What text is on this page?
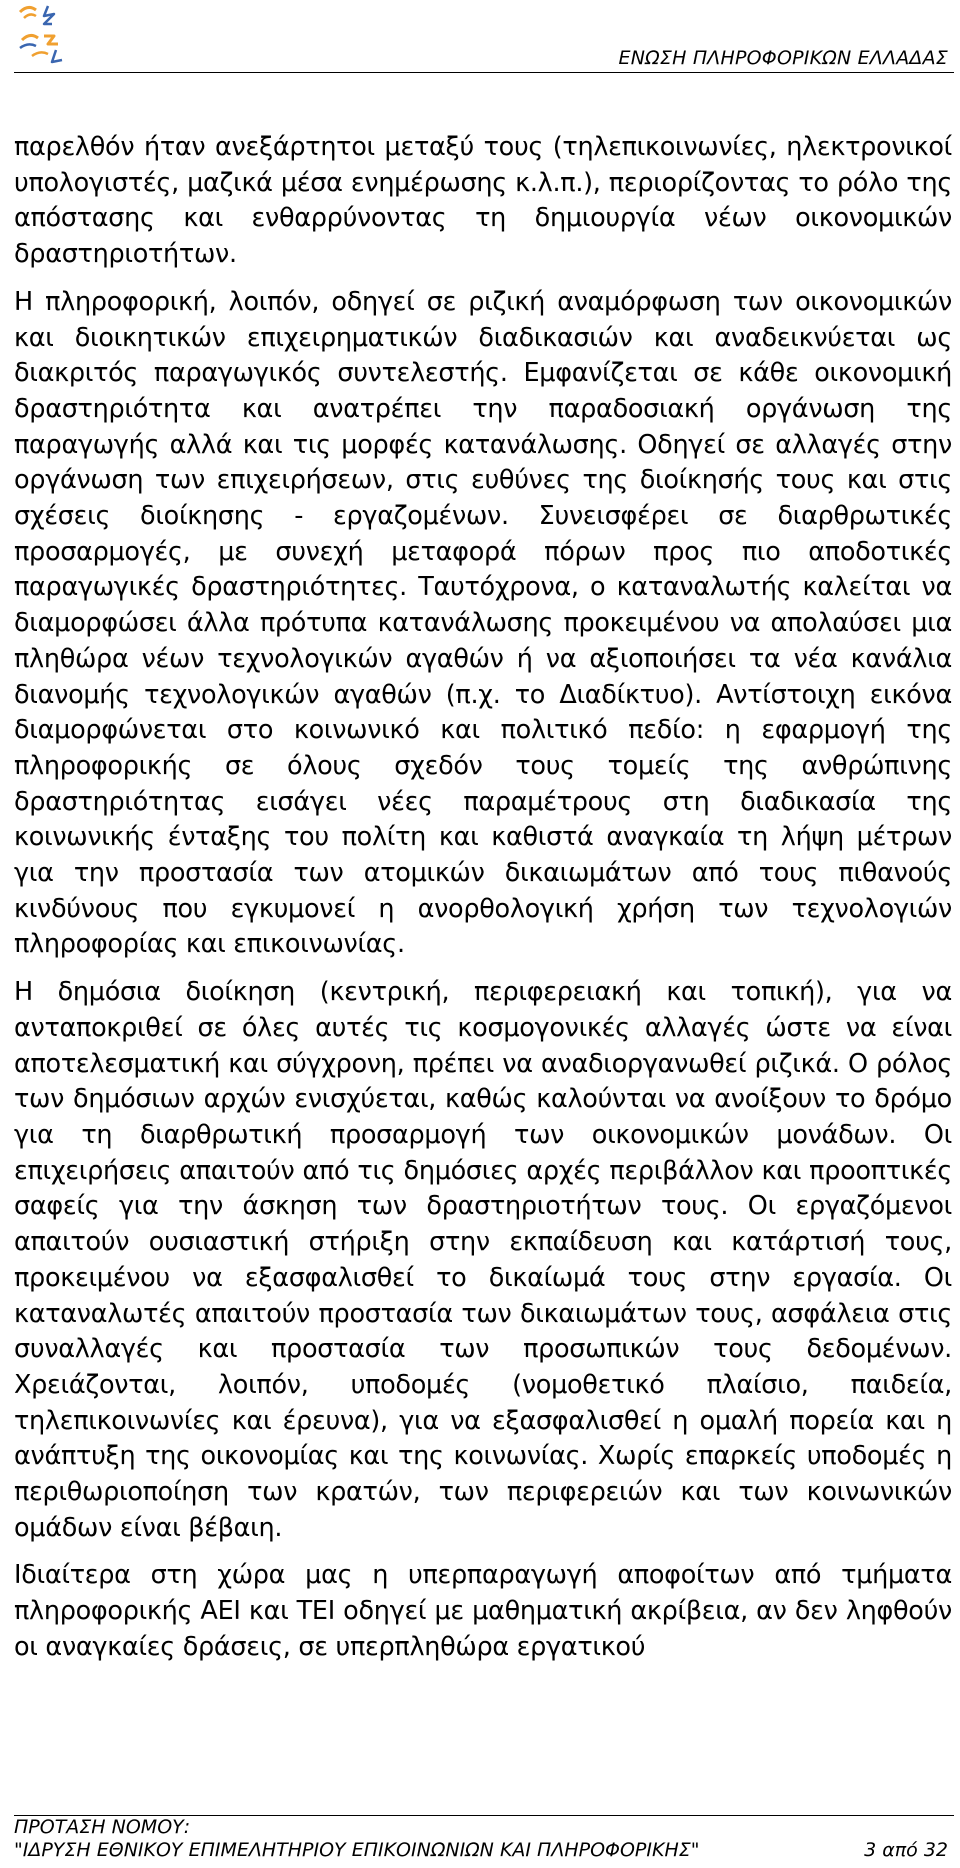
ΕΝΩΣΗ ΠΛΗΡΟΦΟΡΙΚΩΝ ΕΛΛΑΔΑΣ

παρελθόν ήταν ανεξάρτητοι μεταξύ τους (τηλεπικοινωνίες, ηλεκτρονικοί υπολογιστές, μαζικά μέσα ενημέρωσης κ.λ.π.), περιορίζοντας το ρόλο της απόστασης και ενθαρρύνοντας τη δημιουργία νέων οικονομικών δραστηριοτήτων.

Η πληροφορική, λοιπόν, οδηγεί σε ριζική αναμόρφωση των οικονομικών και διοικητικών επιχειρηματικών διαδικασιών και αναδεικνύεται ως διακριτός παραγωγικός συντελεστής. Εμφανίζεται σε κάθε οικονομική δραστηριότητα και ανατρέπει την παραδοσιακή οργάνωση της παραγωγής αλλά και τις μορφές κατανάλωσης. Οδηγεί σε αλλαγές στην οργάνωση των επιχειρήσεων, στις ευθύνες της διοίκησής τους και στις σχέσεις διοίκησης - εργαζομένων. Συνεισφέρει σε διαρθρωτικές προσαρμογές, με συνεχή μεταφορά πόρων προς πιο αποδοτικές παραγωγικές δραστηριότητες. Ταυτόχρονα, ο καταναλωτής καλείται να διαμορφώσει άλλα πρότυπα κατανάλωσης προκειμένου να απολαύσει μια πληθώρα νέων τεχνολογικών αγαθών ή να αξιοποιήσει τα νέα κανάλια διανομής τεχνολογικών αγαθών (π.χ. το Διαδίκτυο). Αντίστοιχη εικόνα διαμορφώνεται στο κοινωνικό και πολιτικό πεδίο: η εφαρμογή της πληροφορικής σε όλους σχεδόν τους τομείς της ανθρώπινης δραστηριότητας εισάγει νέες παραμέτρους στη διαδικασία της κοινωνικής ένταξης του πολίτη και καθιστά αναγκαία τη λήψη μέτρων για την προστασία των ατομικών δικαιωμάτων από τους πιθανούς κινδύνους που εγκυμονεί η ανορθολογική χρήση των τεχνολογιών πληροφορίας και επικοινωνίας.

Η δημόσια διοίκηση (κεντρική, περιφερειακή και τοπική), για να ανταποκριθεί σε όλες αυτές τις κοσμογονικές αλλαγές ώστε να είναι αποτελεσματική και σύγχρονη, πρέπει να αναδιοργανωθεί ριζικά. Ο ρόλος των δημόσιων αρχών ενισχύεται, καθώς καλούνται να ανοίξουν το δρόμο για τη διαρθρωτική προσαρμογή των οικονομικών μονάδων. Οι επιχειρήσεις απαιτούν από τις δημόσιες αρχές περιβάλλον και προοπτικές σαφείς για την άσκηση των δραστηριοτήτων τους. Οι εργαζόμενοι απαιτούν ουσιαστική στήριξη στην εκπαίδευση και κατάρτισή τους, προκειμένου να εξασφαλισθεί το δικαίωμά τους στην εργασία. Οι καταναλωτές απαιτούν προστασία των δικαιωμάτων τους, ασφάλεια στις συναλλαγές και προστασία των προσωπικών τους δεδομένων. Χρειάζονται, λοιπόν, υποδομές (νομοθετικό πλαίσιο, παιδεία, τηλεπικοινωνίες και έρευνα), για να εξασφαλισθεί η ομαλή πορεία και η ανάπτυξη της οικονομίας και της κοινωνίας. Χωρίς επαρκείς υποδομές η περιθωριοποίηση των κρατών, των περιφερειών και των κοινωνικών ομάδων είναι βέβαιη.

Ιδιαίτερα στη χώρα μας η υπερπαραγωγή αποφοίτων από τμήματα πληροφορικής ΑΕΙ και ΤΕΙ οδηγεί με μαθηματική ακρίβεια, αν δεν ληφθούν οι αναγκαίες δράσεις, σε υπερπληθώρα εργατικού

ΠΡΟΤΑΣΗ ΝΟΜΟΥ:
"ΙΔΡΥΣΗ ΕΘΝΙΚΟΥ ΕΠΙΜΕΛΗΤΗΡΙΟΥ ΕΠΙΚΟΙΝΩΝΙΩΝ ΚΑΙ ΠΛΗΡΟΦΟΡΙΚΗΣ"	3 από 32
